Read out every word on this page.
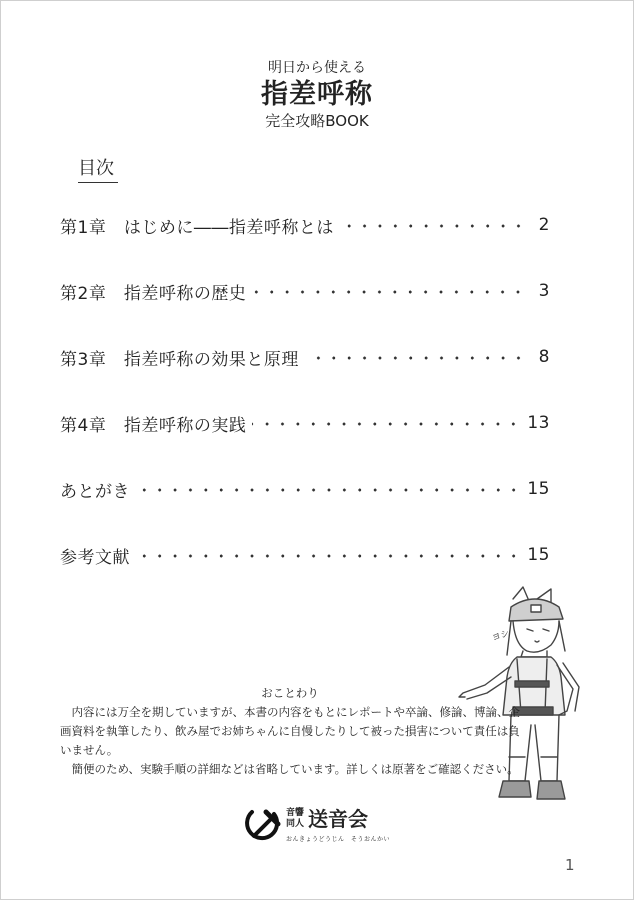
明日から使える
指差呼称
完全攻略BOOK
目次
第1章　はじめに――指差呼称とは	2
第2章　指差呼称の歴史	3
第3章　指差呼称の効果と原理	8
第4章　指差呼称の実践	13
あとがき	15
参考文献	15
ヨシ
おことわり

内容には万全を期していますが、本書の内容をもとにレポートや卒論、修論、博論、企画資料を執筆したり、飲み屋でお姉ちゃんに自慢したりして被った損害について責任は負いません。

簡便のため、実験手順の詳細などは省略しています。詳しくは原著をご確認ください。

音響同人 送音会
おんきょうどうじん　そうおんかい
1
